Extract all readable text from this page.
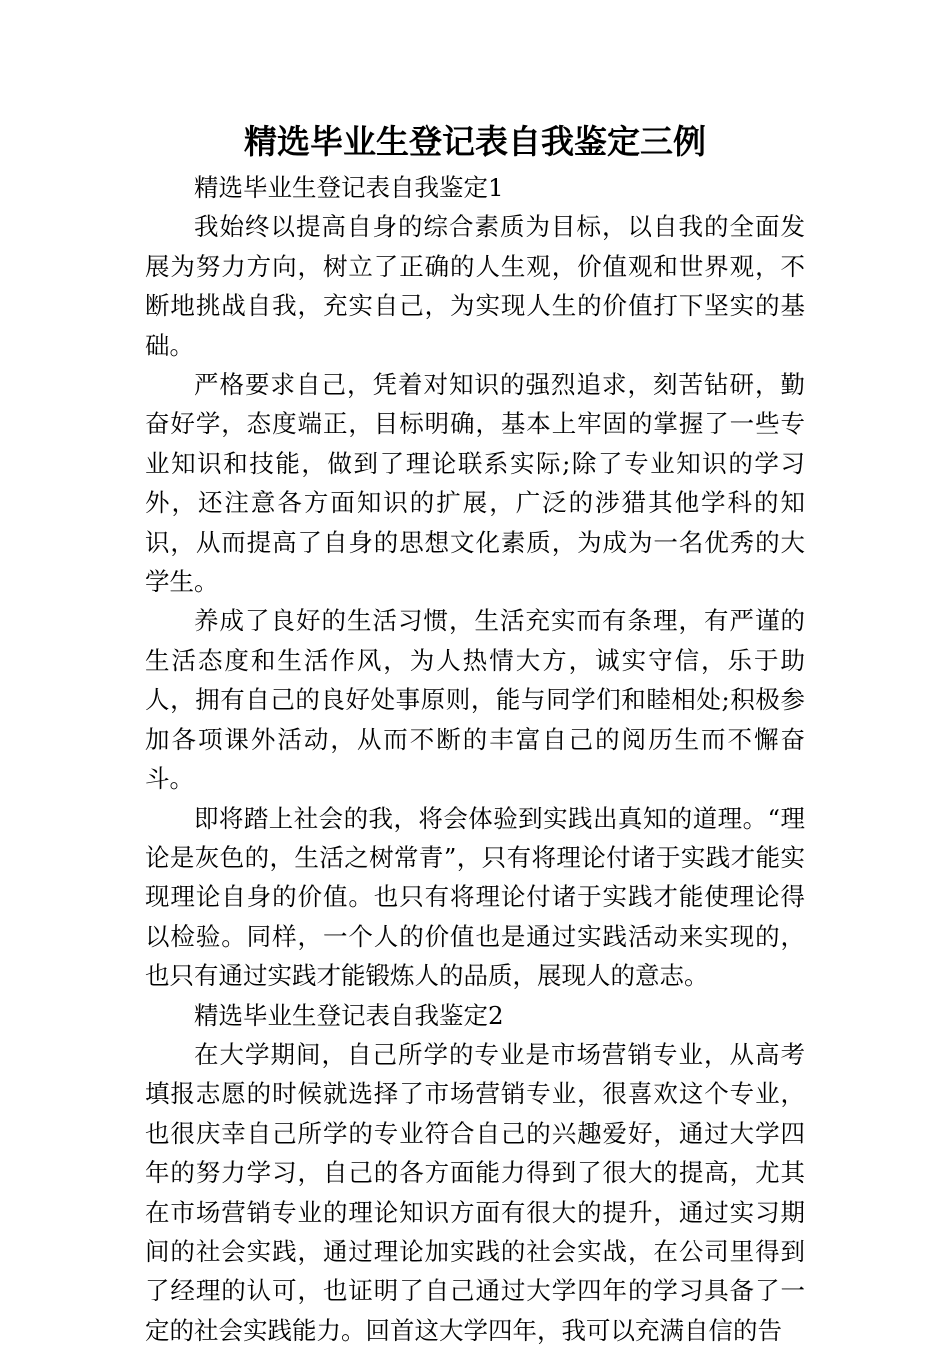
精选毕业生登记表自我鉴定三例

精选毕业生登记表自我鉴定1

我始终以提高自身的综合素质为目标，以自我的全面发展为努力方向，树立了正确的人生观，价值观和世界观，不断地挑战自我，充实自己，为实现人生的价值打下坚实的基础。

严格要求自己，凭着对知识的强烈追求，刻苦钻研，勤奋好学，态度端正，目标明确，基本上牢固的掌握了一些专业知识和技能，做到了理论联系实际;除了专业知识的学习外，还注意各方面知识的扩展，广泛的涉猎其他学科的知识，从而提高了自身的思想文化素质，为成为一名优秀的大学生。

养成了良好的生活习惯，生活充实而有条理，有严谨的生活态度和生活作风，为人热情大方，诚实守信，乐于助人，拥有自己的良好处事原则，能与同学们和睦相处;积极参加各项课外活动，从而不断的丰富自己的阅历生而不懈奋斗。

即将踏上社会的我，将会体验到实践出真知的道理。“理论是灰色的，生活之树常青”，只有将理论付诸于实践才能实现理论自身的价值。也只有将理论付诸于实践才能使理论得以检验。同样，一个人的价值也是通过实践活动来实现的，也只有通过实践才能锻炼人的品质，展现人的意志。

精选毕业生登记表自我鉴定2

在大学期间，自己所学的专业是市场营销专业，从高考填报志愿的时候就选择了市场营销专业，很喜欢这个专业，也很庆幸自己所学的专业符合自己的兴趣爱好，通过大学四年的努力学习，自己的各方面能力得到了很大的提高，尤其在市场营销专业的理论知识方面有很大的提升，通过实习期间的社会实践，通过理论加实践的社会实战，在公司里得到了经理的认可，也证明了自己通过大学四年的学习具备了一定的社会实践能力。回首这大学四年，我可以充满自信的告
